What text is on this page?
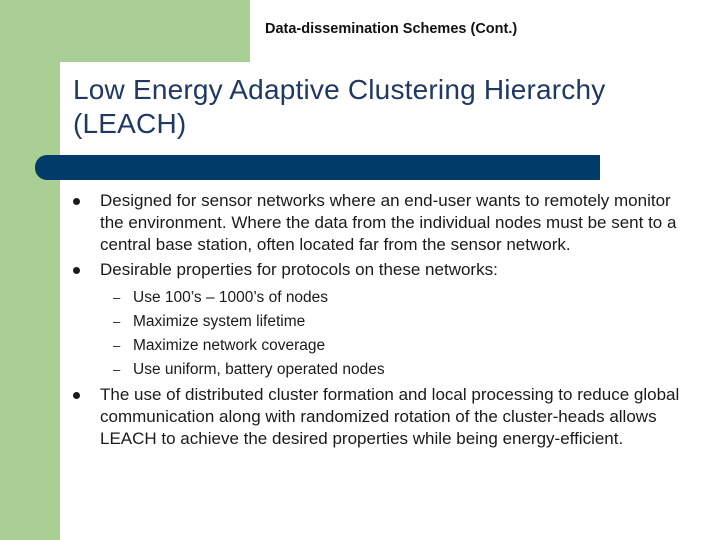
Data-dissemination Schemes (Cont.)
Low Energy Adaptive Clustering Hierarchy (LEACH)
Designed for sensor networks where an end-user wants to remotely monitor the environment. Where the data from the individual nodes must be sent to a central base station, often located far from the sensor network.
Desirable properties for protocols on these networks:
– Use 100’s – 1000’s of nodes
– Maximize system lifetime
– Maximize network coverage
– Use uniform, battery operated nodes
The use of distributed cluster formation and local processing to reduce global communication along with randomized rotation of the cluster-heads allows LEACH to achieve the desired properties while being energy-efficient.
